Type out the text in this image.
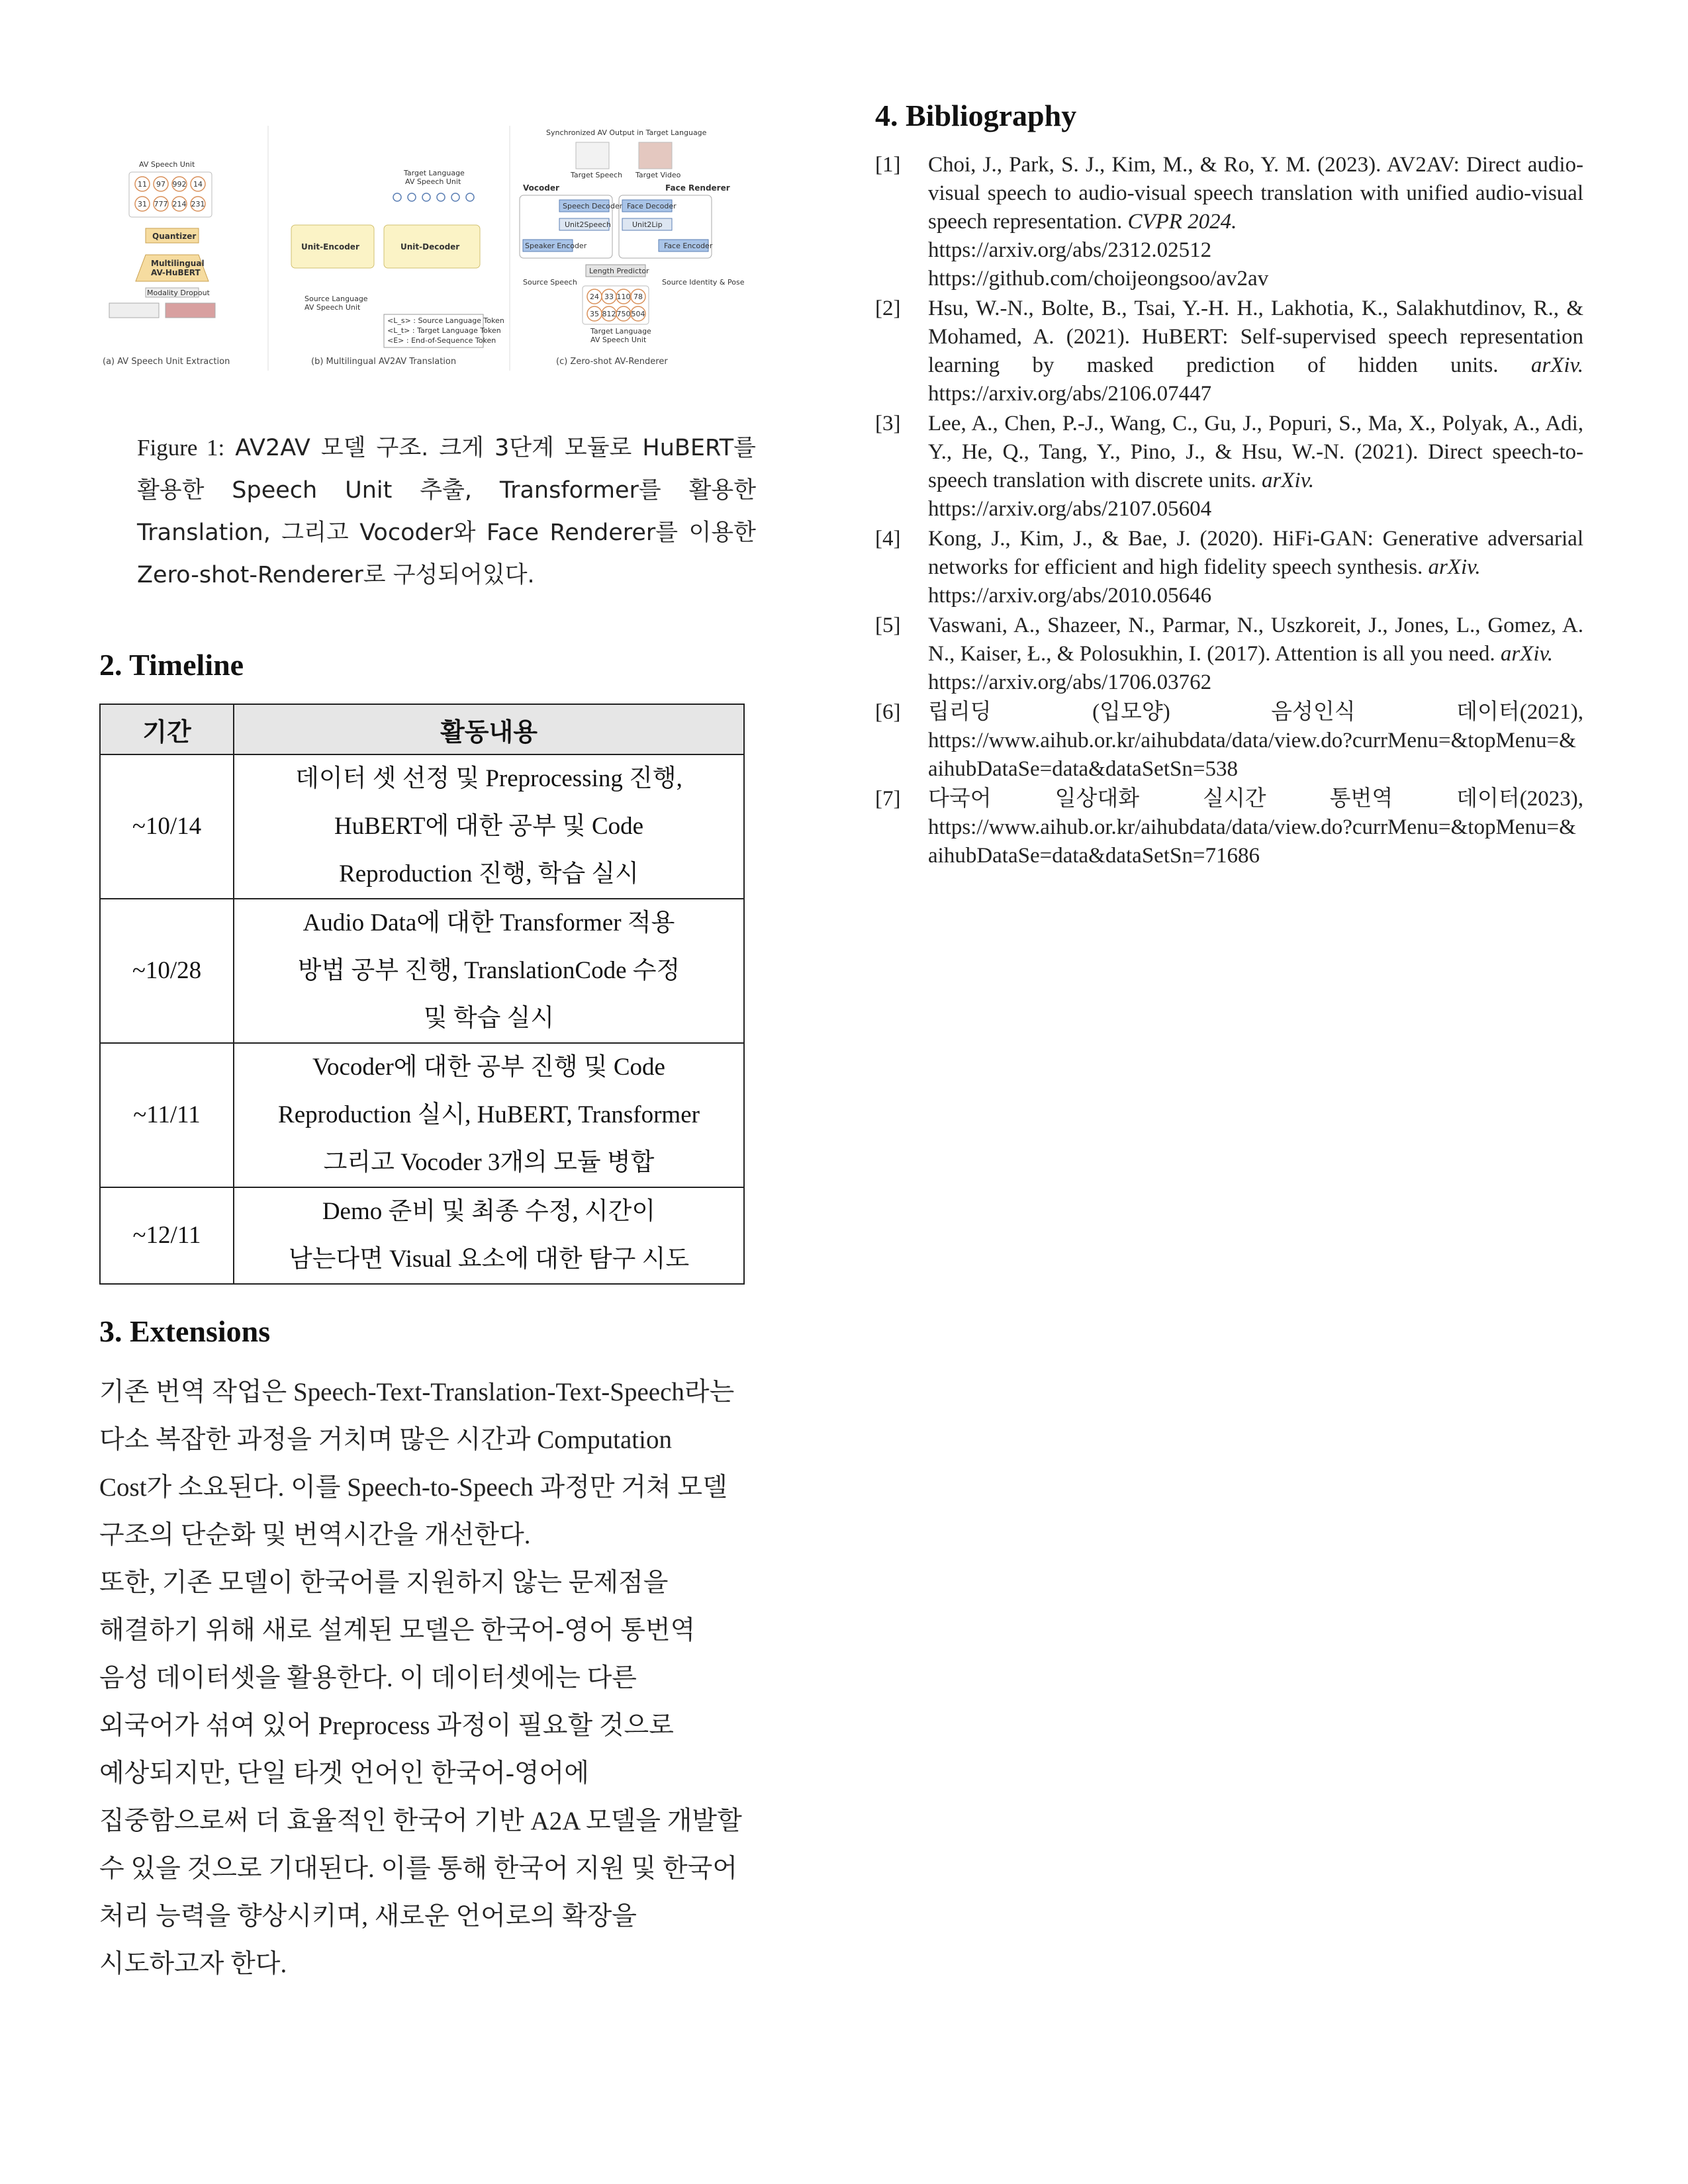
AV Speech Unit
11 97 992 14
31 777 214 231
Quantizer
Multilingual
AV-HuBERT
Modality Dropout
(a) AV Speech Unit Extraction
Target Language
AV Speech Unit
Unit-Encoder	Unit-Decoder
Source Language
AV Speech Unit
<L_s> : Source Language Token
<L_t> : Target Language Token
<E> : End-of-Sequence Token
(b) Multilingual AV2AV Translation
Synchronized AV Output in Target Language
Target Speech Target Video
Vocoder	Face Renderer
Speech Decoder Face Decoder
Unit2Speech	Unit2Lip
Speaker Encoder	Face Encoder
Length Predictor
Source Speech	Source Identity & Pose
24 33 110 78
35 812 750 504
Target Language
AV Speech Unit
(c) Zero-shot AV-Renderer
Figure 1: AV2AV 모델 구조. 크게 3단계 모듈로 HuBERT를 활용한 Speech Unit 추출, Transformer를 활용한 Translation, 그리고 Vocoder와 Face Renderer를 이용한 Zero-shot-Renderer로 구성되어있다.
2. Timeline
기간	활동내용
~10/14	데이터 셋 선정 및 Preprocessing 진행,
HuBERT에 대한 공부 및 Code
Reproduction 진행, 학습 실시

~10/28	Audio Data에 대한 Transformer 적용
방법 공부 진행, TranslationCode 수정
및 학습 실시

~11/11	Vocoder에 대한 공부 진행 및 Code
Reproduction 실시, HuBERT, Transformer
그리고 Vocoder 3개의 모듈 병합

~12/11	Demo 준비 및 최종 수정, 시간이
남는다면 Visual 요소에 대한 탐구 시도
3. Extensions

기존 번역 작업은 Speech-Text-Translation-Text-Speech라는

다소 복잡한 과정을 거치며 많은 시간과 Computation

Cost가 소요된다. 이를 Speech-to-Speech 과정만 거쳐 모델

구조의 단순화 및 번역시간을 개선한다.

또한, 기존 모델이 한국어를 지원하지 않는 문제점을

해결하기 위해 새로 설계된 모델은 한국어-영어 통번역

음성 데이터셋을 활용한다. 이 데이터셋에는 다른

외국어가 섞여 있어 Preprocess 과정이 필요할 것으로

예상되지만, 단일 타겟 언어인 한국어-영어에

집중함으로써 더 효율적인 한국어 기반 A2A 모델을 개발할

수 있을 것으로 기대된다. 이를 통해 한국어 지원 및 한국어

처리 능력을 향상시키며, 새로운 언어로의 확장을

시도하고자 한다.

4. Bibliography
[1] Choi, J., Park, S. J., Kim, M., & Ro, Y. M. (2023). AV2AV: Direct audio-visual speech to audio-visual speech translation with unified audio-visual speech representation. CVPR 2024.
https://arxiv.org/abs/2312.02512
https://github.com/choijeongsoo/av2av
[2] Hsu, W.-N., Bolte, B., Tsai, Y.-H. H., Lakhotia, K., Salakhutdinov, R., & Mohamed, A. (2021). HuBERT: Self-supervised speech representation learning by masked prediction of hidden units. arXiv. https://arxiv.org/abs/2106.07447
[3] Lee, A., Chen, P.-J., Wang, C., Gu, J., Popuri, S., Ma, X., Polyak, A., Adi, Y., He, Q., Tang, Y., Pino, J., & Hsu, W.-N. (2021). Direct speech-to-speech translation with discrete units. arXiv.
https://arxiv.org/abs/2107.05604
[4] Kong, J., Kim, J., & Bae, J. (2020). HiFi-GAN: Generative adversarial networks for efficient and high fidelity speech synthesis. arXiv.
https://arxiv.org/abs/2010.05646
[5] Vaswani, A., Shazeer, N., Parmar, N., Uszkoreit, J., Jones, L., Gomez, A. N., Kaiser, Ł., & Polosukhin, I. (2017). Attention is all you need. arXiv.
https://arxiv.org/abs/1706.03762
[6] 립리딩 (입모양) 음성인식 데이터(2021),
https://www.aihub.or.kr/aihubdata/data/view.do?currMenu=&topMenu=&aihubDataSe=data&dataSetSn=538
[7] 다국어 일상대화 실시간 통번역 데이터(2023),
https://www.aihub.or.kr/aihubdata/data/view.do?currMenu=&topMenu=&aihubDataSe=data&dataSetSn=71686
